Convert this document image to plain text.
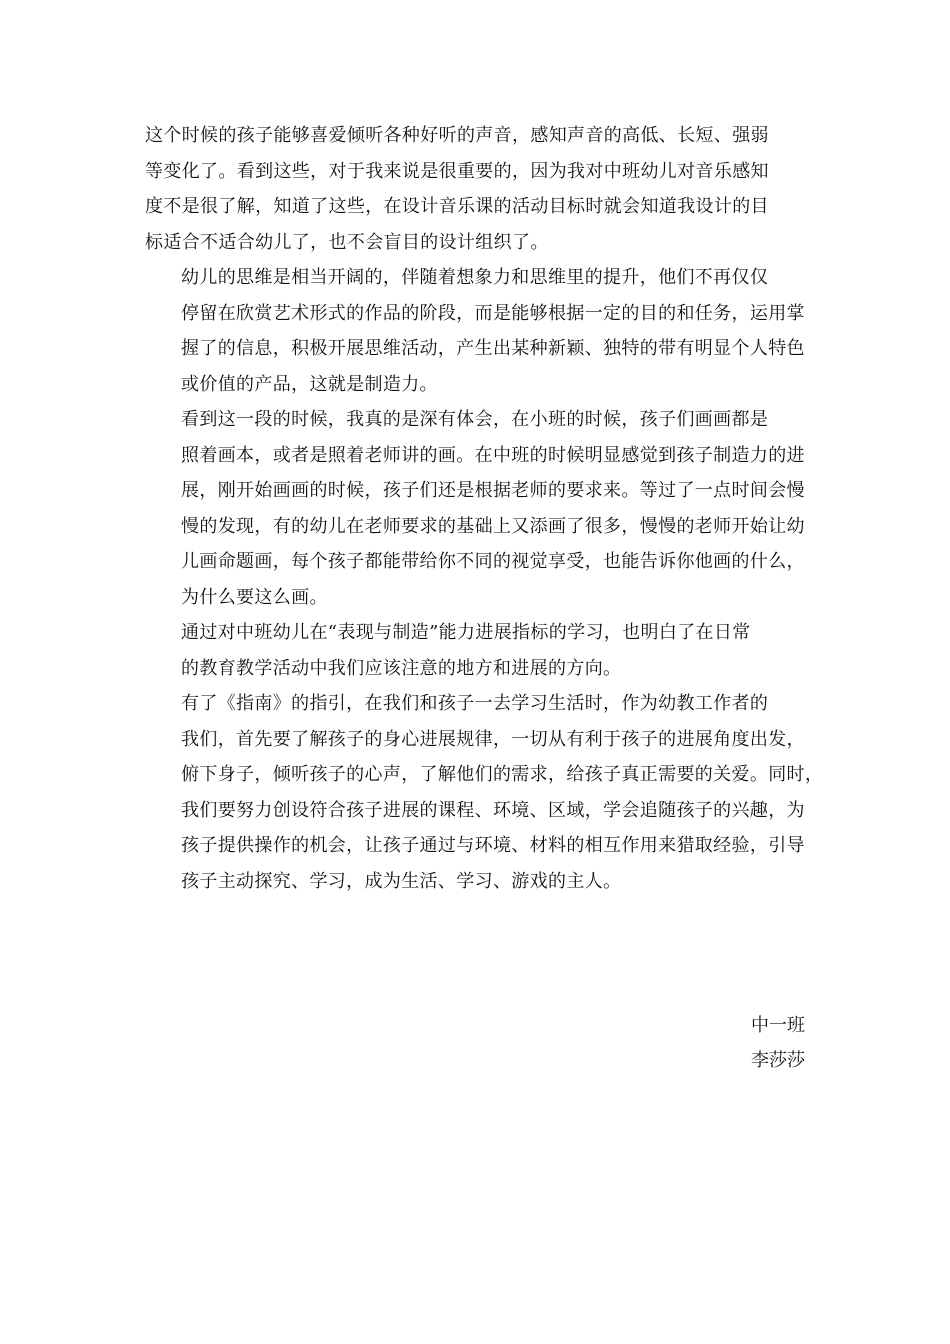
这个时候的孩子能够喜爱倾听各种好听的声音，感知声音的高低、长短、强弱
等变化了。看到这些，对于我来说是很重要的，因为我对中班幼儿对音乐感知
度不是很了解，知道了这些，在设计音乐课的活动目标时就会知道我设计的目
标适合不适合幼儿了，也不会盲目的设计组织了。

幼儿的思维是相当开阔的，伴随着想象力和思维里的提升，他们不再仅仅
停留在欣赏艺术形式的作品的阶段，而是能够根据一定的目的和任务，运用掌
握了的信息，积极开展思维活动，产生出某种新颖、独特的带有明显个人特色
或价值的产品，这就是制造力。

看到这一段的时候，我真的是深有体会，在小班的时候，孩子们画画都是
照着画本，或者是照着老师讲的画。在中班的时候明显感觉到孩子制造力的进
展，刚开始画画的时候，孩子们还是根据老师的要求来。等过了一点时间会慢
慢的发现，有的幼儿在老师要求的基础上又添画了很多，慢慢的老师开始让幼
儿画命题画，每个孩子都能带给你不同的视觉享受，也能告诉你他画的什么，
为什么要这么画。

通过对中班幼儿在“表现与制造”能力进展指标的学习，也明白了在日常
的教育教学活动中我们应该注意的地方和进展的方向。

有了《指南》的指引，在我们和孩子一去学习生活时，作为幼教工作者的
我们，首先要了解孩子的身心进展规律，一切从有利于孩子的进展角度出发，
俯下身子，倾听孩子的心声，了解他们的需求，给孩子真正需要的关爱。同时，
我们要努力创设符合孩子进展的课程、环境、区域，学会追随孩子的兴趣，为
孩子提供操作的机会，让孩子通过与环境、材料的相互作用来猎取经验，引导
孩子主动探究、学习，成为生活、学习、游戏的主人。

中一班
李莎莎
